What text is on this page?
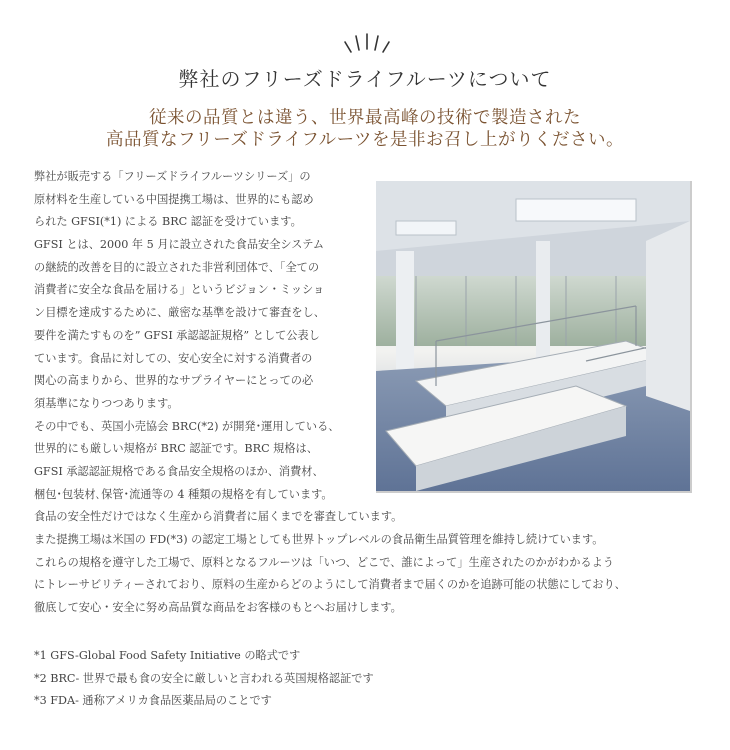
弊社のフリーズドライフルーツについて
従来の品質とは違う、世界最高峰の技術で製造された
高品質なフリーズドライフルーツを是非お召し上がりください。
弊社が販売する「フリーズドライフルーツシリーズ」の
原材料を生産している中国提携工場は、世界的にも認め
られた GFSI(*1) による BRC 認証を受けています。
GFSI とは、2000 年 5 月に設立された食品安全システム
の継続的改善を目的に設立された非営利団体で、「全ての
消費者に安全な食品を届ける」というビジョン・ミッショ
ン目標を達成するために、厳密な基準を設けて審査をし、
要件を満たすものを” GFSI 承認認証規格” として公表し
ています。食品に対しての、安心安全に対する消費者の
関心の高まりから、世界的なサプライヤーにとっての必
須基準になりつつあります。
その中でも、英国小売協会 BRC(*2) が開発･運用している、
世界的にも厳しい規格が BRC 認証です。BRC 規格は、
GFSI 承認認証規格である食品安全規格のほか、消費材、
梱包･包装材､保管･流通等の 4 種類の規格を有しています。
食品の安全性だけではなく生産から消費者に届くまでを審査しています。
また提携工場は米国の FD(*3) の認定工場としても世界トップレベルの食品衛生品質管理を維持し続けています。
これらの規格を遵守した工場で、原料となるフルーツは「いつ、どこで、誰によって」生産されたのかがわかるよう
にトレーサビリティーされており、原料の生産からどのようにして消費者まで届くのかを追跡可能の状態にしており、
徹底して安心・安全に努め高品質な商品をお客様のもとへお届けします。
*1 GFS-Global Food Safety Initiative の略式です
*2 BRC- 世界で最も食の安全に厳しいと言われる英国規格認証です
*3 FDA- 通称アメリカ食品医薬品局のことです
